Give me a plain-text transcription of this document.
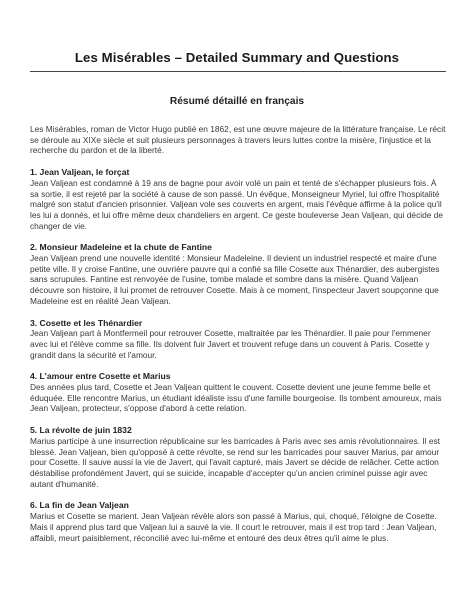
Les Misérables – Detailed Summary and Questions
Résumé détaillé en français

Les Misérables, roman de Victor Hugo publié en 1862, est une œuvre majeure de la littérature française. Le récit se déroule au XIXe siècle et suit plusieurs personnages à travers leurs luttes contre la misère, l'injustice et la recherche du pardon et de la liberté.

1. Jean Valjean, le forçat

Jean Valjean est condamné à 19 ans de bagne pour avoir volé un pain et tenté de s'échapper plusieurs fois. À sa sortie, il est rejeté par la société à cause de son passé. Un évêque, Monseigneur Myriel, lui offre l'hospitalité malgré son statut d'ancien prisonnier. Valjean vole ses couverts en argent, mais l'évêque affirme à la police qu'il les lui a donnés, et lui offre même deux chandeliers en argent. Ce geste bouleverse Jean Valjean, qui décide de changer de vie.

2. Monsieur Madeleine et la chute de Fantine

Jean Valjean prend une nouvelle identité : Monsieur Madeleine. Il devient un industriel respecté et maire d'une petite ville. Il y croise Fantine, une ouvrière pauvre qui a confié sa fille Cosette aux Thénardier, des aubergistes sans scrupules. Fantine est renvoyée de l'usine, tombe malade et sombre dans la misère. Quand Valjean découvre son histoire, il lui promet de retrouver Cosette. Mais à ce moment, l'inspecteur Javert soupçonne que Madeleine est en réalité Jean Valjean.

3. Cosette et les Thénardier

Jean Valjean part à Montfermeil pour retrouver Cosette, maltraitée par les Thénardier. Il paie pour l'emmener avec lui et l'élève comme sa fille. Ils doivent fuir Javert et trouvent refuge dans un couvent à Paris. Cosette y grandit dans la sécurité et l'amour.

4. L'amour entre Cosette et Marius

Des années plus tard, Cosette et Jean Valjean quittent le couvent. Cosette devient une jeune femme belle et éduquée. Elle rencontre Marius, un étudiant idéaliste issu d'une famille bourgeoise. Ils tombent amoureux, mais Jean Valjean, protecteur, s'oppose d'abord à cette relation.

5. La révolte de juin 1832

Marius participe à une insurrection républicaine sur les barricades à Paris avec ses amis révolutionnaires. Il est blessé. Jean Valjean, bien qu'opposé à cette révolte, se rend sur les barricades pour sauver Marius, par amour pour Cosette. Il sauve aussi la vie de Javert, qui l'avait capturé, mais Javert se décide de relâcher. Cette action déstabilise profondément Javert, qui se suicide, incapable d'accepter qu'un ancien criminel puisse agir avec autant d'humanité.

6. La fin de Jean Valjean

Marius et Cosette se marient. Jean Valjean révèle alors son passé à Marius, qui, choqué, l'éloigne de Cosette. Mais il apprend plus tard que Valjean lui a sauvé la vie. Il court le retrouver, mais il est trop tard : Jean Valjean, affaibli, meurt paisiblement, réconcilié avec lui-même et entouré des deux êtres qu'il aime le plus.
